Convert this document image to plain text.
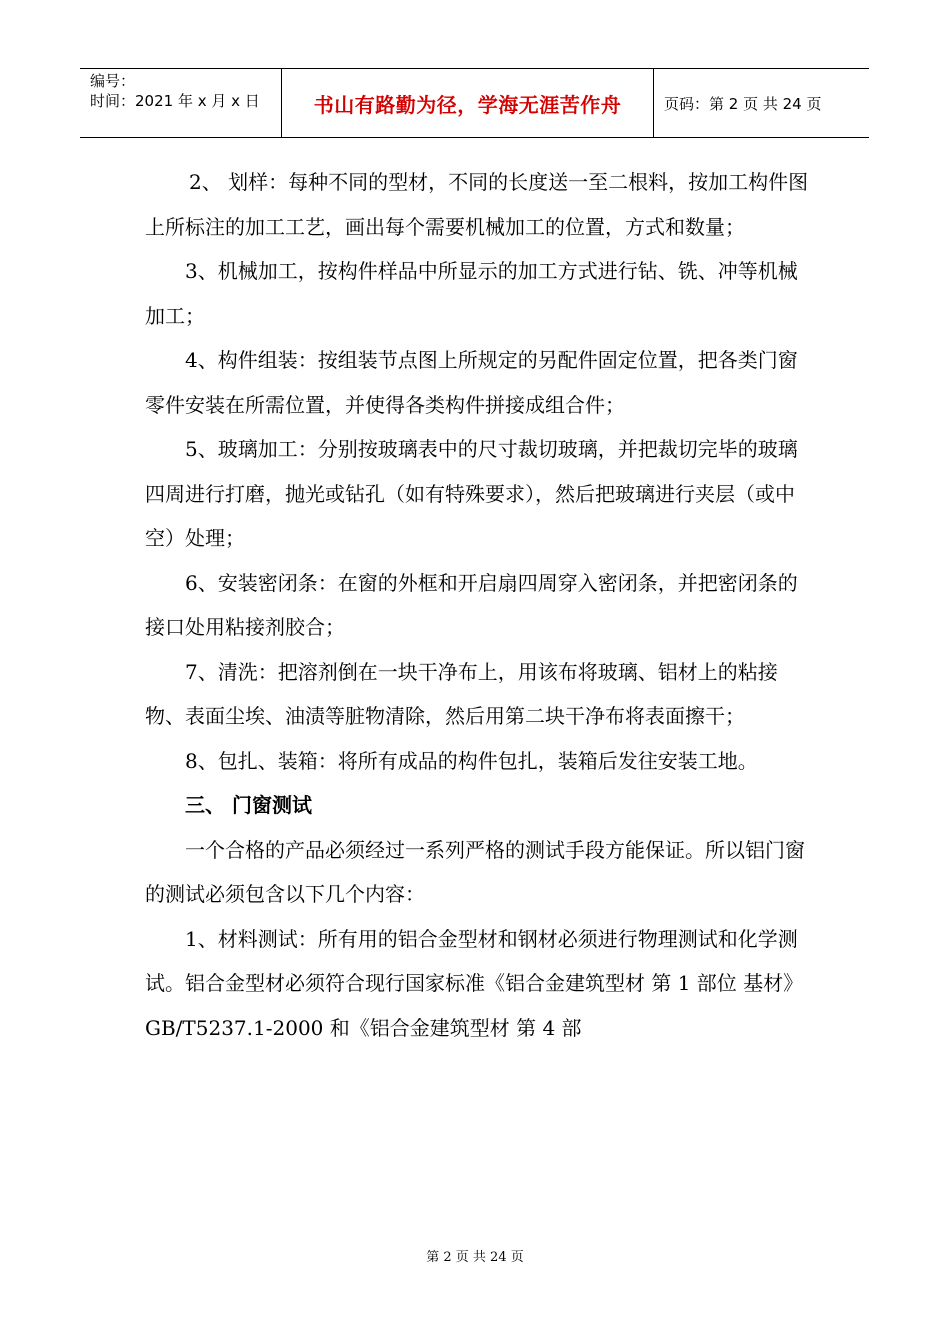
编号：
时间：2021 年 x 月 x 日	书山有路勤为径，学海无涯苦作舟	页码：第 2 页 共 24 页

2、 划样：每种不同的型材，不同的长度送一至二根料，按加工构件图上所标注的加工工艺，画出每个需要机械加工的位置，方式和数量；

3、机械加工，按构件样品中所显示的加工方式进行钻、铣、冲等机械加工；

4、构件组装：按组装节点图上所规定的另配件固定位置，把各类门窗零件安装在所需位置，并使得各类构件拼接成组合件；

5、玻璃加工：分别按玻璃表中的尺寸裁切玻璃，并把裁切完毕的玻璃四周进行打磨，抛光或钻孔（如有特殊要求），然后把玻璃进行夹层（或中空）处理；

6、安装密闭条：在窗的外框和开启扇四周穿入密闭条，并把密闭条的接口处用粘接剂胶合；

7、清洗：把溶剂倒在一块干净布上，用该布将玻璃、铝材上的粘接物、表面尘埃、油渍等脏物清除，然后用第二块干净布将表面擦干；

8、包扎、装箱：将所有成品的构件包扎，装箱后发往安装工地。

三、 门窗测试

一个合格的产品必须经过一系列严格的测试手段方能保证。所以铝门窗的测试必须包含以下几个内容：

1、材料测试：所有用的铝合金型材和钢材必须进行物理测试和化学测试。铝合金型材必须符合现行国家标准《铝合金建筑型材 第 1 部位 基材》GB/T5237.1-2000 和《铝合金建筑型材 第 4 部

第 2 页 共 24 页
